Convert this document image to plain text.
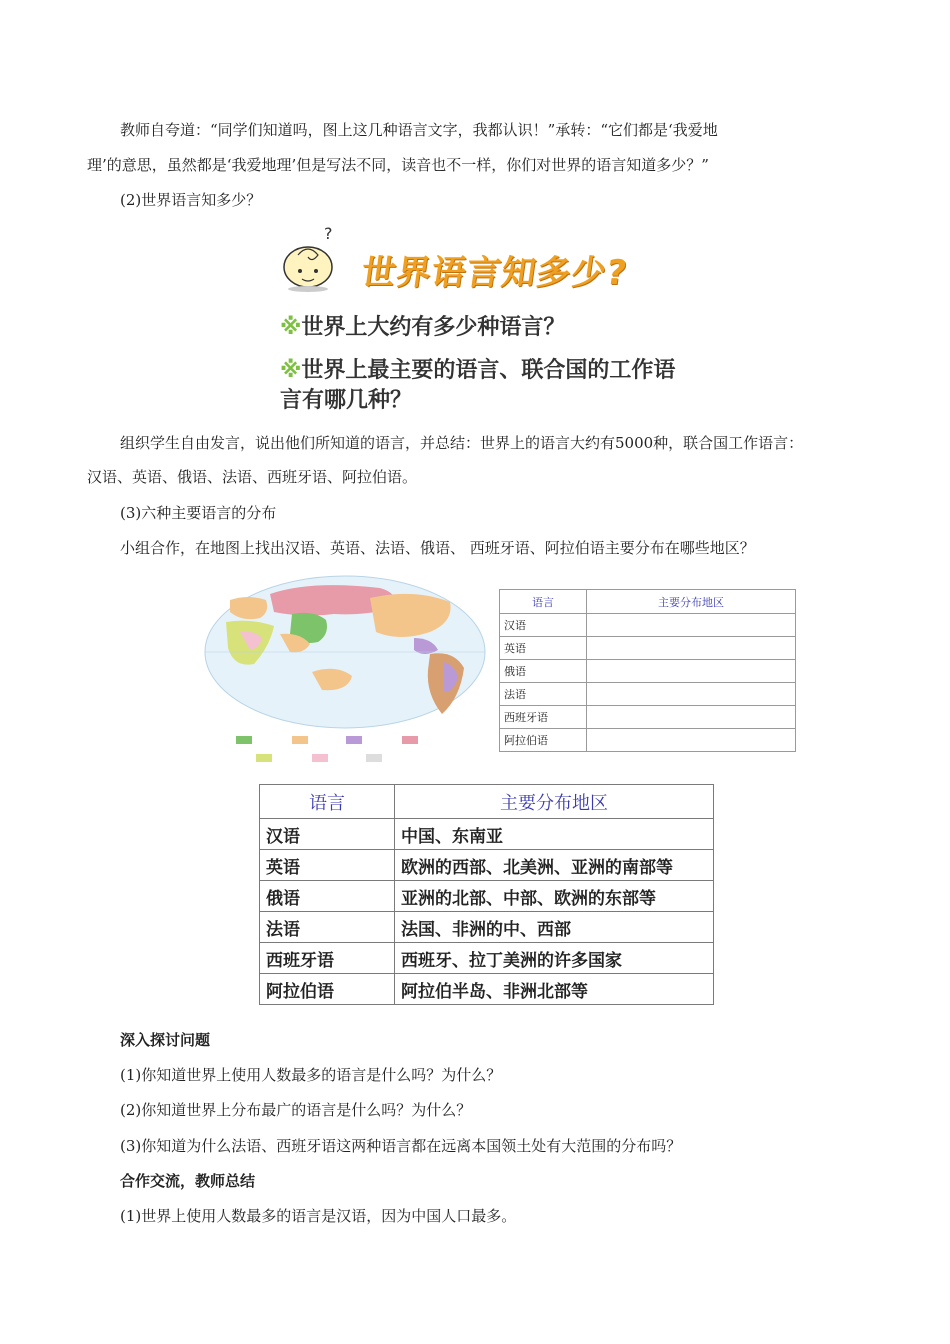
教师自夸道：“同学们知道吗，图上这几种语言文字，我都认识！”承转：“它们都是‘我爱地
理’的意思，虽然都是‘我爱地理’但是写法不同，读音也不一样，你们对世界的语言知道多少？”
(2)世界语言知多少？
?
世界语言知多少?
※世界上大约有多少种语言？
※世界上最主要的语言、联合国的工作语
言有哪几种？
组织学生自由发言，说出他们所知道的语言，并总结：世界上的语言大约有5000种，联合国工作语言：
汉语、英语、俄语、法语、西班牙语、阿拉伯语。
(3)六种主要语言的分布
小组合作，在地图上找出汉语、英语、法语、俄语、 西班牙语、阿拉伯语主要分布在哪些地区？
语言	主要分布地区
汉语	
英语	
俄语	
法语	
西班牙语	
阿拉伯语	
语言	主要分布地区
汉语	中国、东南亚
英语	欧洲的西部、北美洲、亚洲的南部等
俄语	亚洲的北部、中部、欧洲的东部等
法语	法国、非洲的中、西部
西班牙语	西班牙、拉丁美洲的许多国家
阿拉伯语	阿拉伯半岛、非洲北部等
深入探讨问题
(1)你知道世界上使用人数最多的语言是什么吗？为什么？
(2)你知道世界上分布最广的语言是什么吗？为什么？
(3)你知道为什么法语、西班牙语这两种语言都在远离本国领土处有大范围的分布吗？
合作交流，教师总结
(1)世界上使用人数最多的语言是汉语，因为中国人口最多。
